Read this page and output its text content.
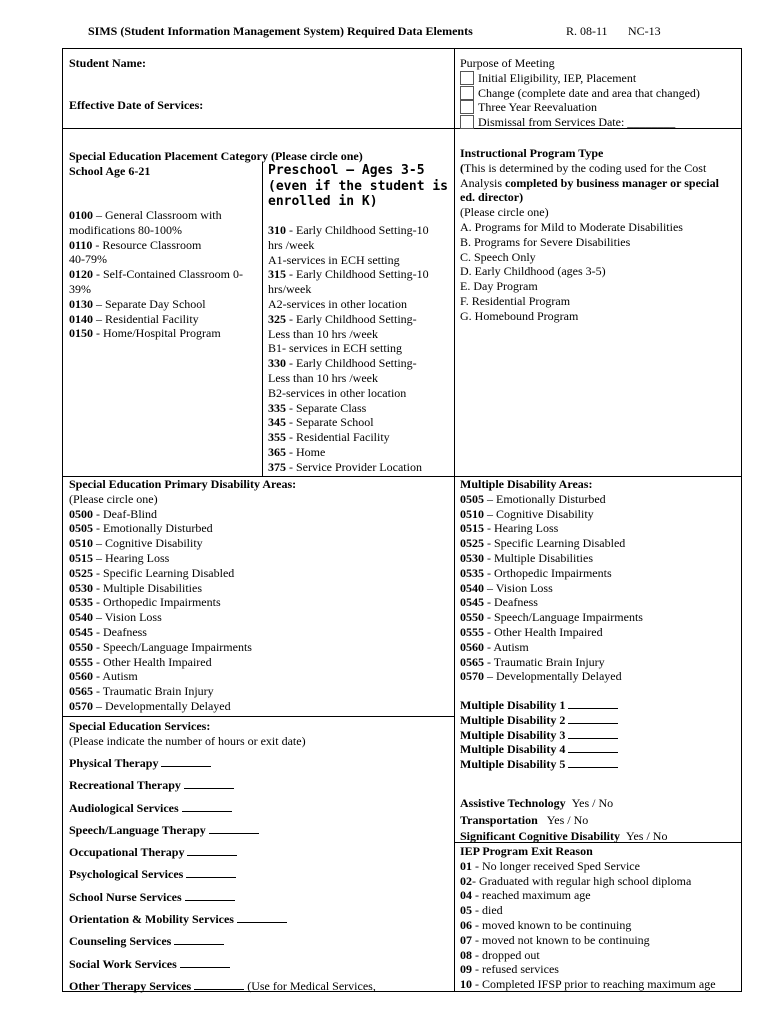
SIMS (Student Information Management System) Required Data Elements	R. 08-11 NC-13
Student Name:
Effective Date of Services:
Purpose of Meeting
Initial Eligibility, IEP, Placement
Change (complete date and area that changed)
Three Year Reevaluation
Dismissal from Services Date: ________
Special Education Placement Category (Please circle one)
School Age 6-21
0100 – General Classroom with
modifications 80-100%
0110 - Resource Classroom
40-79%
0120 - Self-Contained Classroom 0-
39%
0130 – Separate Day School
0140 – Residential Facility
0150 - Home/Hospital Program
Preschool – Ages 3-5
(even if the student is
enrolled in K)
310 - Early Childhood Setting-10
hrs /week
A1-services in ECH setting
315 - Early Childhood Setting-10
hrs/week
A2-services in other location
325 - Early Childhood Setting-
Less than 10 hrs /week
B1- services in ECH setting
330 - Early Childhood Setting-
Less than 10 hrs /week
B2-services in other location
335 - Separate Class
345 - Separate School
355 - Residential Facility
365 - Home
375 - Service Provider Location
Instructional Program Type
(This is determined by the coding used for the Cost
Analysis completed by business manager or special
ed. director)
(Please circle one)
A. Programs for Mild to Moderate Disabilities
B. Programs for Severe Disabilities
C. Speech Only
D. Early Childhood (ages 3-5)
E. Day Program
F. Residential Program
G. Homebound Program
Special Education Primary Disability Areas:
(Please circle one)
0500 - Deaf-Blind
0505 - Emotionally Disturbed
0510 – Cognitive Disability
0515 – Hearing Loss
0525 - Specific Learning Disabled
0530 - Multiple Disabilities
0535 - Orthopedic Impairments
0540 – Vision Loss
0545 - Deafness
0550 - Speech/Language Impairments
0555 - Other Health Impaired
0560 - Autism
0565 - Traumatic Brain Injury
0570 – Developmentally Delayed
Multiple Disability Areas:
0505 – Emotionally Disturbed
0510 – Cognitive Disability
0515 - Hearing Loss
0525 - Specific Learning Disabled
0530 - Multiple Disabilities
0535 - Orthopedic Impairments
0540 – Vision Loss
0545 - Deafness
0550 - Speech/Language Impairments
0555 - Other Health Impaired
0560 - Autism
0565 - Traumatic Brain Injury
0570 – Developmentally Delayed
Multiple Disability 1
Multiple Disability 2
Multiple Disability 3
Multiple Disability 4
Multiple Disability 5
Special Education Services:
(Please indicate the number of hours or exit date)
Physical Therapy
Recreational Therapy
Audiological Services
Speech/Language Therapy
Occupational Therapy
Psychological Services
School Nurse Services
Orientation & Mobility Services
Counseling Services
Social Work Services
Other Therapy Services	(Use for Medical Services,
Assistive Technology Yes / No
Transportation Yes / No
Significant Cognitive Disability Yes / No
IEP Program Exit Reason
01 - No longer received Sped Service
02- Graduated with regular high school diploma
04 - reached maximum age
05 - died
06 - moved known to be continuing
07 - moved not known to be continuing
08 - dropped out
09 - refused services
10 - Completed IFSP prior to reaching maximum age
